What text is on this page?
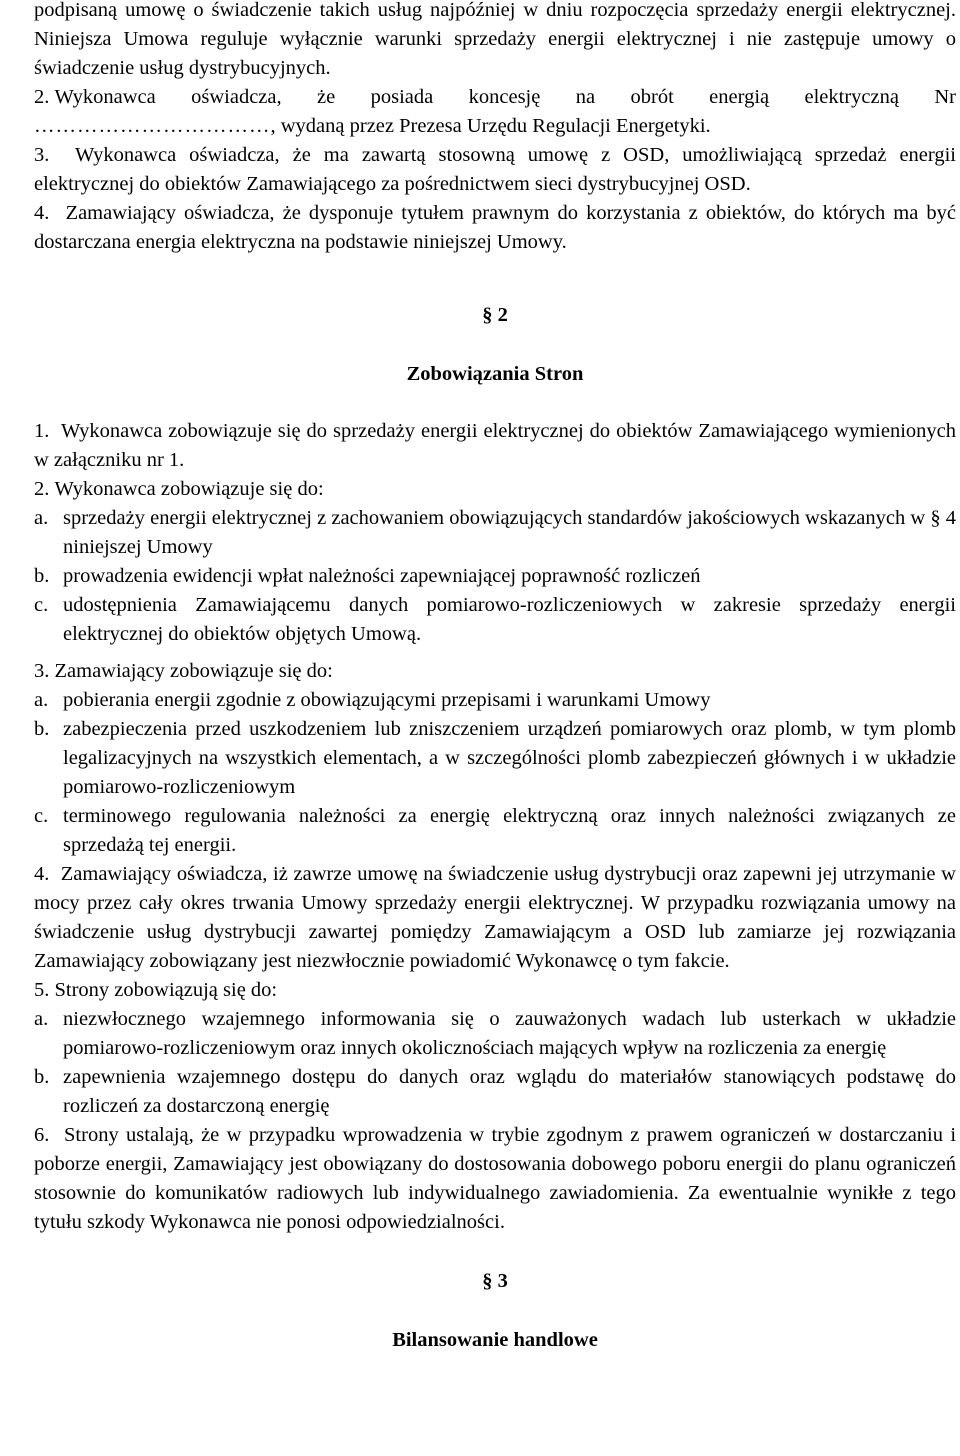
podpisaną umowę o świadczenie takich usług najpóźniej w dniu rozpoczęcia sprzedaży energii elektrycznej. Niniejsza Umowa reguluje wyłącznie warunki sprzedaży energii elektrycznej i nie zastępuje umowy o świadczenie usług dystrybucyjnych.

2. Wykonawca oświadcza, że posiada koncesję na obrót energią elektryczną Nr
……………………………, wydaną przez Prezesa Urzędu Regulacji Energetyki.
3.  Wykonawca oświadcza, że ma zawartą stosowną umowę z OSD, umożliwiającą sprzedaż energii elektrycznej do obiektów Zamawiającego za pośrednictwem sieci dystrybucyjnej OSD.
4.  Zamawiający oświadcza, że dysponuje tytułem prawnym do korzystania z obiektów, do których ma być dostarczana energia elektryczna na podstawie niniejszej Umowy.

§ 2

Zobowiązania Stron

1.  Wykonawca zobowiązuje się do sprzedaży energii elektrycznej do obiektów Zamawiającego wymienionych w załączniku nr 1.
2. Wykonawca zobowiązuje się do:
a. sprzedaży energii elektrycznej z zachowaniem obowiązujących standardów jakościowych wskazanych w § 4 niniejszej Umowy
b. prowadzenia ewidencji wpłat należności zapewniającej poprawność rozliczeń
c. udostępnienia Zamawiającemu danych pomiarowo-rozliczeniowych w zakresie sprzedaży energii elektrycznej do obiektów objętych Umową.
3. Zamawiający zobowiązuje się do:
a. pobierania energii zgodnie z obowiązującymi przepisami i warunkami Umowy
b. zabezpieczenia przed uszkodzeniem lub zniszczeniem urządzeń pomiarowych oraz plomb, w tym plomb legalizacyjnych na wszystkich elementach, a w szczególności plomb zabezpieczeń głównych i w układzie pomiarowo-rozliczeniowym
c. terminowego regulowania należności za energię elektryczną oraz innych należności związanych ze sprzedażą tej energii.
4.  Zamawiający oświadcza, iż zawrze umowę na świadczenie usług dystrybucji oraz zapewni jej utrzymanie w mocy przez cały okres trwania Umowy sprzedaży energii elektrycznej. W przypadku rozwiązania umowy na świadczenie usług dystrybucji zawartej pomiędzy Zamawiającym a OSD lub zamiarze jej rozwiązania Zamawiający zobowiązany jest niezwłocznie powiadomić Wykonawcę o tym fakcie.
5. Strony zobowiązują się do:
a. niezwłocznego wzajemnego informowania się o zauważonych wadach lub usterkach w układzie pomiarowo-rozliczeniowym oraz innych okolicznościach mających wpływ na rozliczenia za energię
b. zapewnienia wzajemnego dostępu do danych oraz wglądu do materiałów stanowiących podstawę do rozliczeń za dostarczoną energię
6.  Strony ustalają, że w przypadku wprowadzenia w trybie zgodnym z prawem ograniczeń w dostarczaniu i poborze energii, Zamawiający jest obowiązany do dostosowania dobowego poboru energii do planu ograniczeń stosownie do komunikatów radiowych lub indywidualnego zawiadomienia. Za ewentualnie wynikłe z tego tytułu szkody Wykonawca nie ponosi odpowiedzialności.

§ 3

Bilansowanie handlowe
